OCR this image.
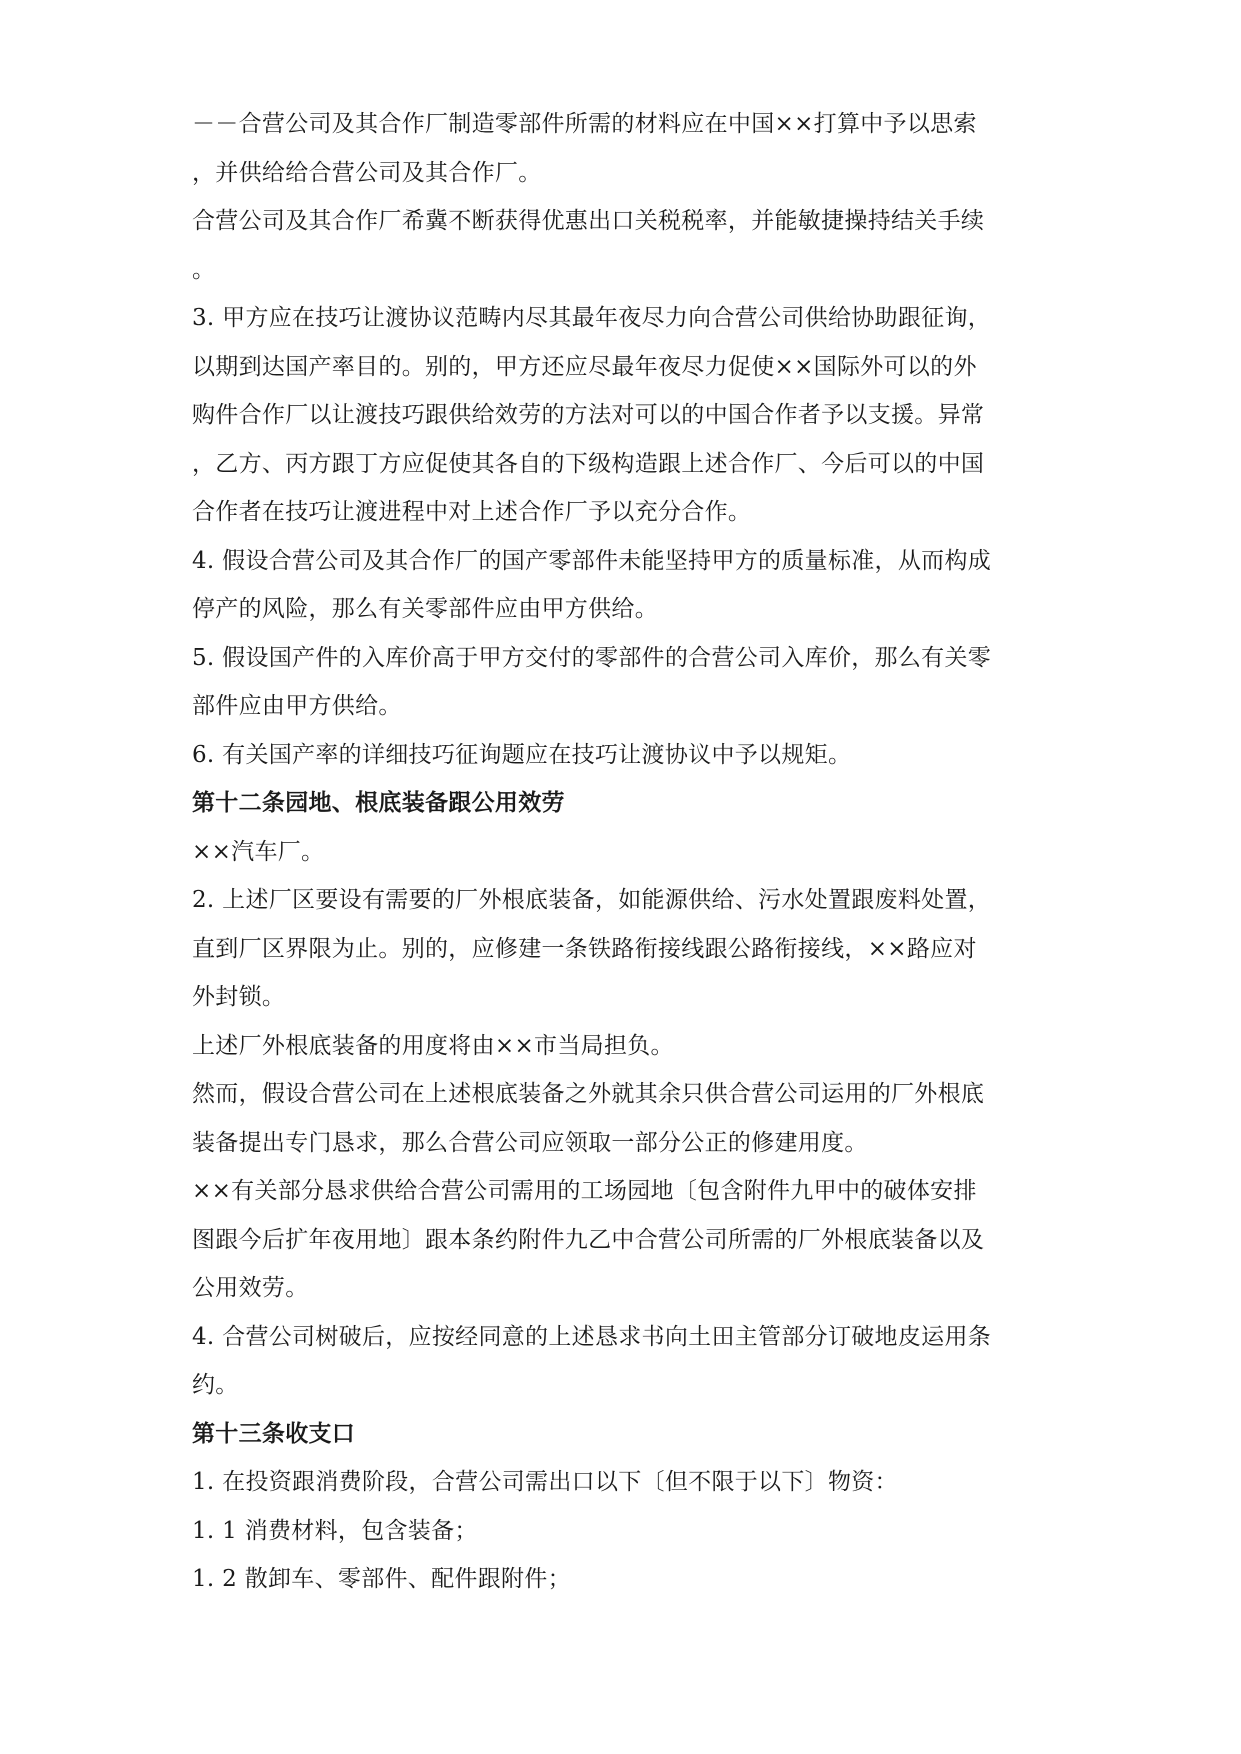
－－合营公司及其合作厂制造零部件所需的材料应在中国××打算中予以思索
，并供给给合营公司及其合作厂。
合营公司及其合作厂希冀不断获得优惠出口关税税率，并能敏捷操持结关手续
。
3. 甲方应在技巧让渡协议范畴内尽其最年夜尽力向合营公司供给协助跟征询，
以期到达国产率目的。别的，甲方还应尽最年夜尽力促使××国际外可以的外
购件合作厂以让渡技巧跟供给效劳的方法对可以的中国合作者予以支援。异常
，乙方、丙方跟丁方应促使其各自的下级构造跟上述合作厂、今后可以的中国
合作者在技巧让渡进程中对上述合作厂予以充分合作。
4. 假设合营公司及其合作厂的国产零部件未能坚持甲方的质量标准，从而构成
停产的风险，那么有关零部件应由甲方供给。
5. 假设国产件的入库价高于甲方交付的零部件的合营公司入库价，那么有关零
部件应由甲方供给。
6. 有关国产率的详细技巧征询题应在技巧让渡协议中予以规矩。
第十二条园地、根底装备跟公用效劳
××汽车厂。
2. 上述厂区要设有需要的厂外根底装备，如能源供给、污水处置跟废料处置，
直到厂区界限为止。别的，应修建一条铁路衔接线跟公路衔接线，××路应对
外封锁。
上述厂外根底装备的用度将由××市当局担负。
然而，假设合营公司在上述根底装备之外就其余只供合营公司运用的厂外根底
装备提出专门恳求，那么合营公司应领取一部分公正的修建用度。
××有关部分恳求供给合营公司需用的工场园地〔包含附件九甲中的破体安排
图跟今后扩年夜用地〕跟本条约附件九乙中合营公司所需的厂外根底装备以及
公用效劳。
4. 合营公司树破后，应按经同意的上述恳求书向土田主管部分订破地皮运用条
约。
第十三条收支口
1. 在投资跟消费阶段，合营公司需出口以下〔但不限于以下〕物资：
1. 1 消费材料，包含装备；
1. 2 散卸车、零部件、配件跟附件；
